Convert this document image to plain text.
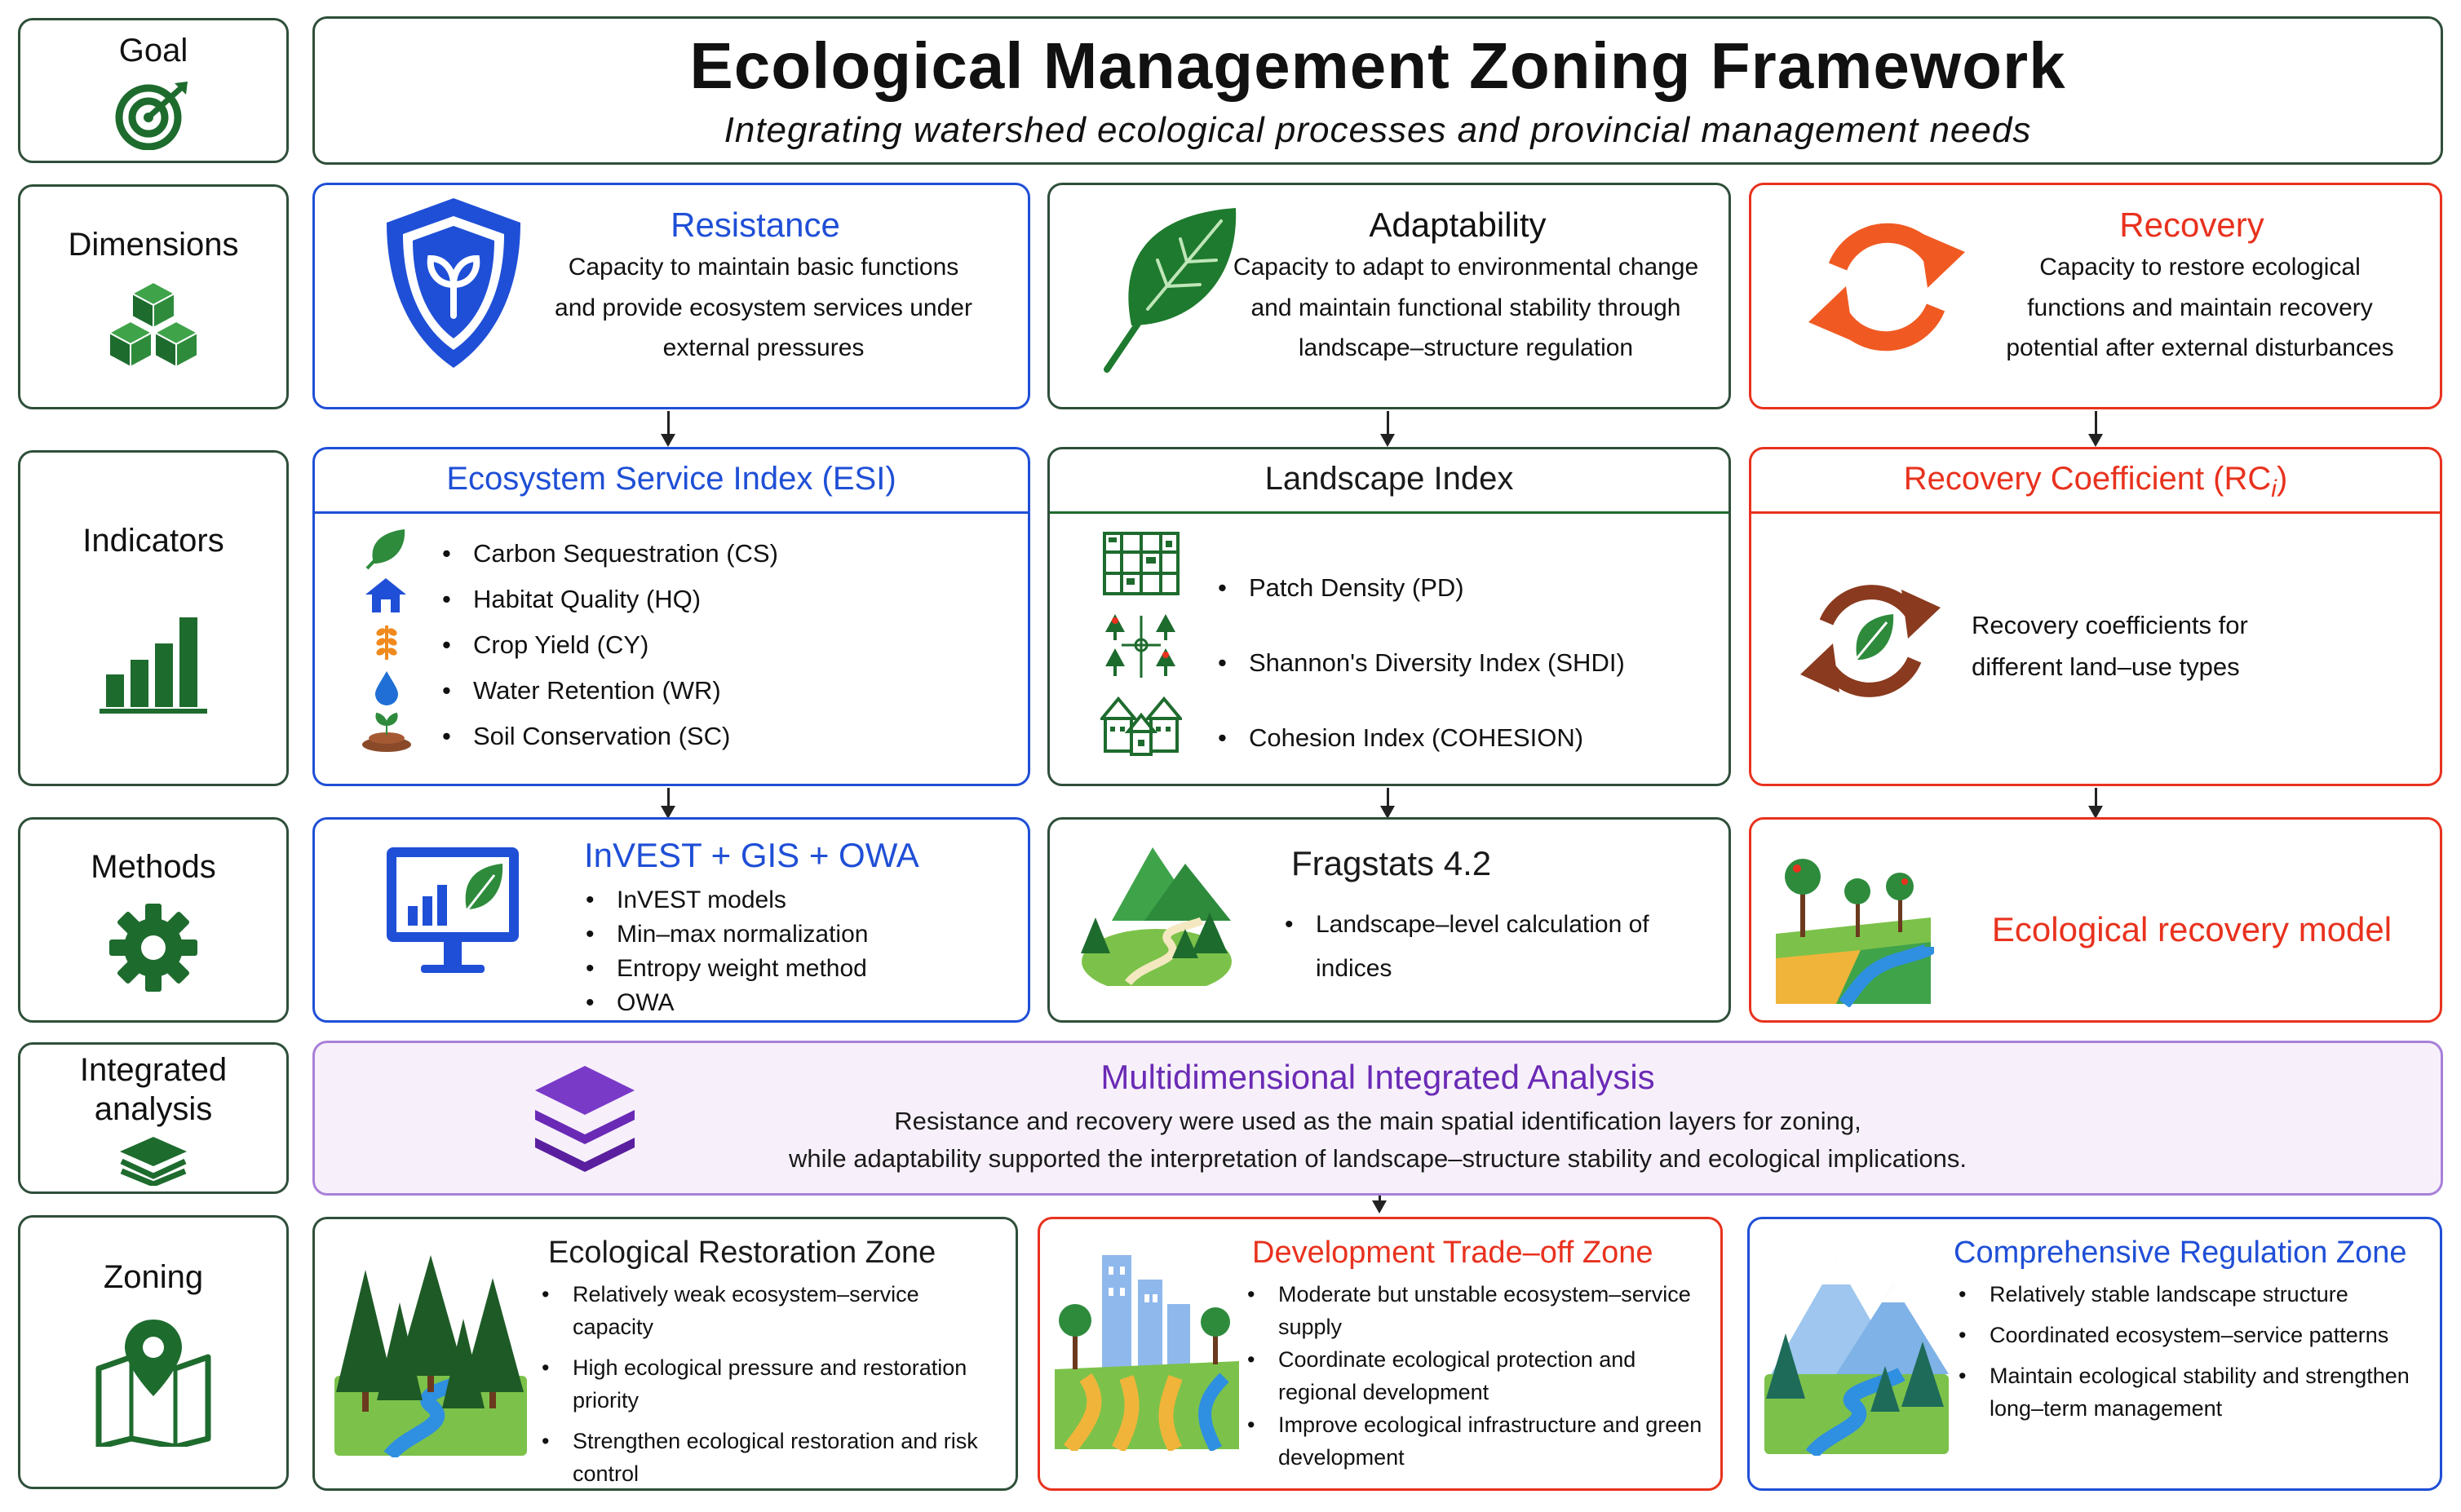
Goal
Dimensions
Indicators
Methods
Integrated analysis
Zoning
Ecological Management Zoning Framework
Integrating watershed ecological processes and provincial management needs
Resistance
Capacity to maintain basic functions and provide ecosystem services under external pressures
Adaptability
Capacity to adapt to environmental change and maintain functional stability through landscape–structure regulation
Recovery
Capacity to restore ecological functions and maintain recovery potential after external disturbances
Ecosystem Service Index (ESI)
• Carbon Sequestration (CS)
• Habitat Quality (HQ)
• Crop Yield (CY)
• Water Retention (WR)
• Soil Conservation (SC)
Landscape Index
• Patch Density (PD)
• Shannon's Diversity Index (SHDI)
• Cohesion Index (COHESION)
Recovery Coefficient $(RC_i)$
Recovery coefficients for different land–use types
InVEST + GIS + OWA
• InVEST models
• Min–max normalization
• Entropy weight method
• OWA
Fragstats 4.2
• Landscape–level calculation of indices
Ecological recovery model
Multidimensional Integrated Analysis
Resistance and recovery were used as the main spatial identification layers for zoning,
while adaptability supported the interpretation of landscape–structure stability and ecological implications.
Ecological Restoration Zone
• Relatively weak ecosystem–service capacity
• High ecological pressure and restoration priority
• Strengthen ecological restoration and risk control
Development Trade–off Zone
• Moderate but unstable ecosystem–service supply
• Coordinate ecological protection and regional development
• Improve ecological infrastructure and green development
Comprehensive Regulation Zone
• Relatively stable landscape structure
• Coordinated ecosystem–service patterns
• Maintain ecological stability and strengthen long–term management
